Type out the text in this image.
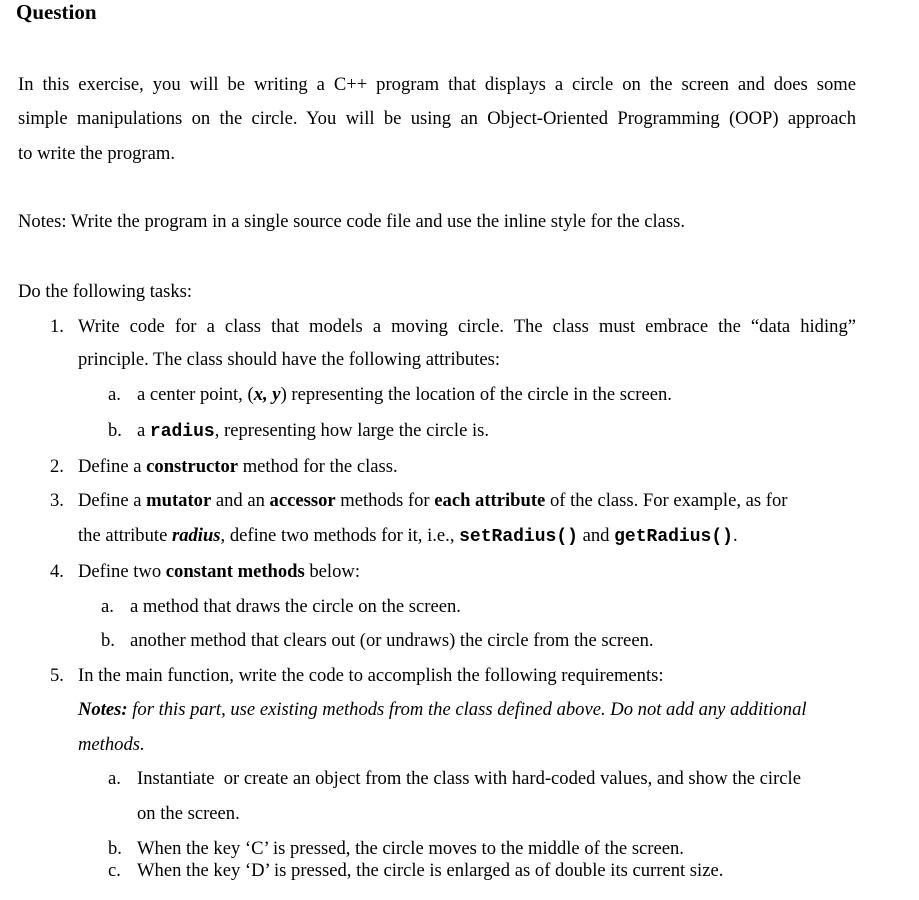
Question
In this exercise, you will be writing a C++ program that displays a circle on the screen and does some
simple manipulations on the circle. You will be using an Object-Oriented Programming (OOP) approach
to write the program.
Notes: Write the program in a single source code file and use the inline style for the class.
Do the following tasks:
1. Write code for a class that models a moving circle. The class must embrace the “data hiding”
principle. The class should have the following attributes:
a. a center point, (x, y) representing the location of the circle in the screen.
b. a radius, representing how large the circle is.
2. Define a constructor method for the class.
3. Define a mutator and an accessor methods for each attribute of the class. For example, as for
the attribute radius, define two methods for it, i.e., setRadius() and getRadius().
4. Define two constant methods below:
a. a method that draws the circle on the screen.
b. another method that clears out (or undraws) the circle from the screen.
5. In the main function, write the code to accomplish the following requirements:
Notes: for this part, use existing methods from the class defined above. Do not add any additional
methods.
a. Instantiate  or create an object from the class with hard-coded values, and show the circle
on the screen.
b. When the key ‘C’ is pressed, the circle moves to the middle of the screen.
c. When the key ‘D’ is pressed, the circle is enlarged as of double its current size.
